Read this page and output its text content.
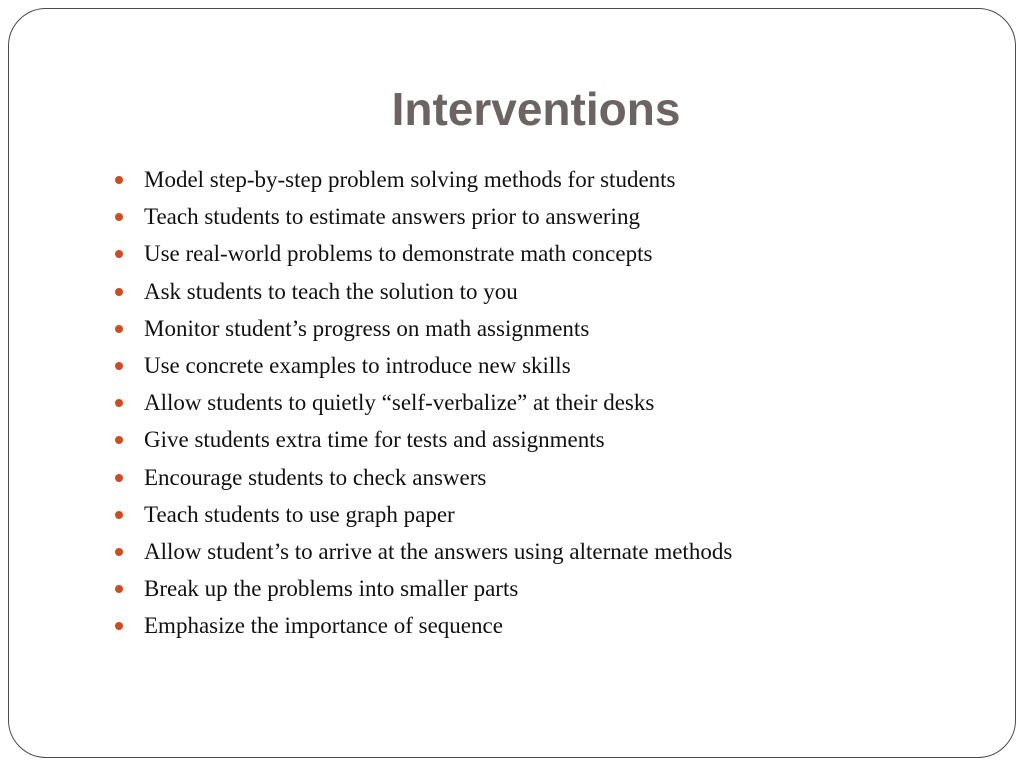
Interventions
Model step-by-step problem solving methods for students
Teach students to estimate answers prior to answering
Use real-world problems to demonstrate math concepts
Ask students to teach the solution to you
Monitor student’s progress on math assignments
Use concrete examples to introduce new skills
Allow students to quietly “self-verbalize” at their desks
Give students extra time for tests and assignments
Encourage students to check answers
Teach students to use graph paper
Allow student’s to arrive at the answers using alternate methods
Break up the problems into smaller parts
Emphasize the importance of sequence
